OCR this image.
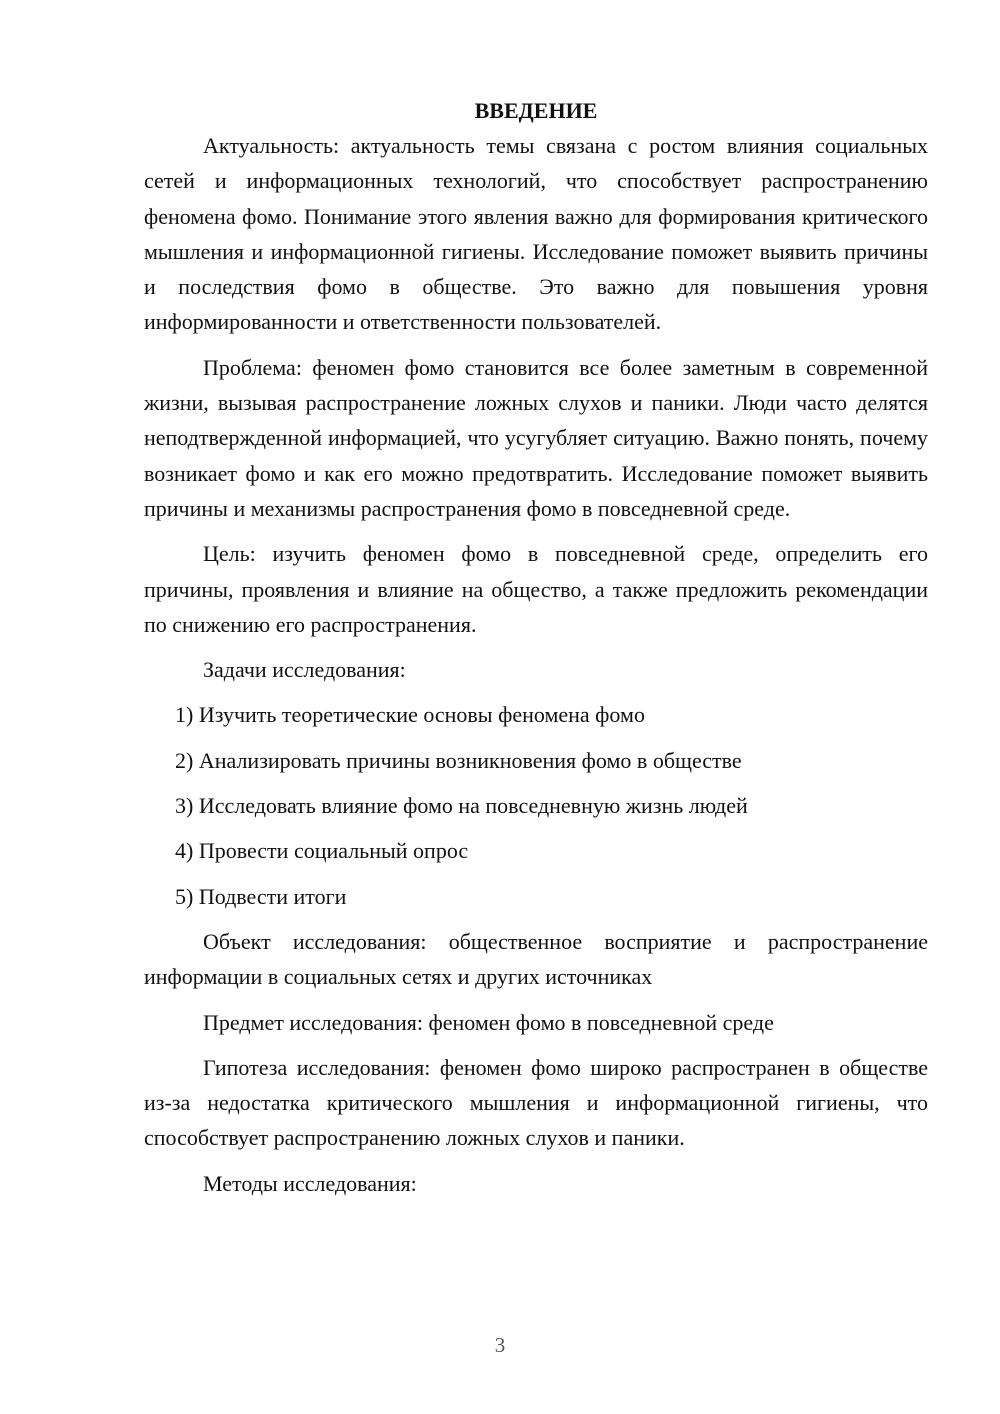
ВВЕДЕНИЕ

Актуальность: актуальность темы связана с ростом влияния социальных сетей и информационных технологий, что способствует распространению феномена фомо. Понимание этого явления важно для формирования критического мышления и информационной гигиены. Исследование поможет выявить причины и последствия фомо в обществе. Это важно для повышения уровня информированности и ответственности пользователей.

Проблема: феномен фомо становится все более заметным в современной жизни, вызывая распространение ложных слухов и паники. Люди часто делятся неподтвержденной информацией, что усугубляет ситуацию. Важно понять, почему возникает фомо и как его можно предотвратить. Исследование поможет выявить причины и механизмы распространения фомо в повседневной среде.

Цель: изучить феномен фомо в повседневной среде, определить его причины, проявления и влияние на общество, а также предложить рекомендации по снижению его распространения.

Задачи исследования:

1) Изучить теоретические основы феномена фомо

2) Анализировать причины возникновения фомо в обществе

3) Исследовать влияние фомо на повседневную жизнь людей

4) Провести социальный опрос

5) Подвести итоги

Объект исследования: общественное восприятие и распространение информации в социальных сетях и других источниках

Предмет исследования: феномен фомо в повседневной среде

Гипотеза исследования: феномен фомо широко распространен в обществе из-за недостатка критического мышления и информационной гигиены, что способствует распространению ложных слухов и паники.

Методы исследования:

3
